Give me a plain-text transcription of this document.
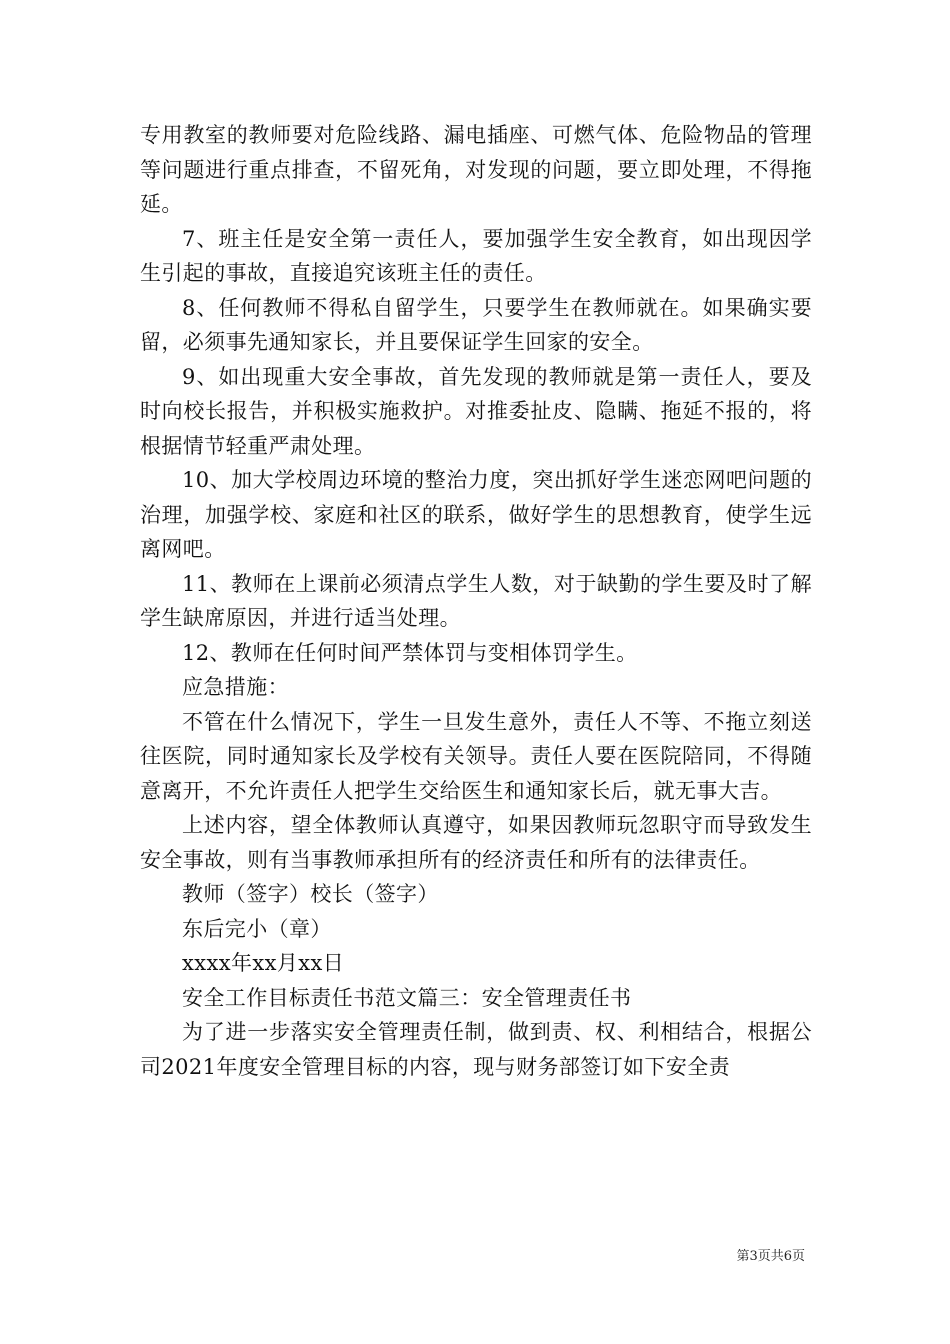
专用教室的教师要对危险线路、漏电插座、可燃气体、危险物品的管理等问题进行重点排查，不留死角，对发现的问题，要立即处理，不得拖延。

7、班主任是安全第一责任人，要加强学生安全教育，如出现因学生引起的事故，直接追究该班主任的责任。

8、任何教师不得私自留学生，只要学生在教师就在。如果确实要留，必须事先通知家长，并且要保证学生回家的安全。

9、如出现重大安全事故，首先发现的教师就是第一责任人，要及时向校长报告，并积极实施救护。对推委扯皮、隐瞒、拖延不报的，将根据情节轻重严肃处理。

10、加大学校周边环境的整治力度，突出抓好学生迷恋网吧问题的治理，加强学校、家庭和社区的联系，做好学生的思想教育，使学生远离网吧。

11、教师在上课前必须清点学生人数，对于缺勤的学生要及时了解学生缺席原因，并进行适当处理。

12、教师在任何时间严禁体罚与变相体罚学生。

应急措施：

不管在什么情况下，学生一旦发生意外，责任人不等、不拖立刻送往医院，同时通知家长及学校有关领导。责任人要在医院陪同，不得随意离开，不允许责任人把学生交给医生和通知家长后，就无事大吉。

上述内容，望全体教师认真遵守，如果因教师玩忽职守而导致发生安全事故，则有当事教师承担所有的经济责任和所有的法律责任。

教师（签字）校长（签字）

东后完小（章）

xxxx年xx月xx日

安全工作目标责任书范文篇三：安全管理责任书

为了进一步落实安全管理责任制，做到责、权、利相结合，根据公司2021年度安全管理目标的内容，现与财务部签订如下安全责

第3页共6页
